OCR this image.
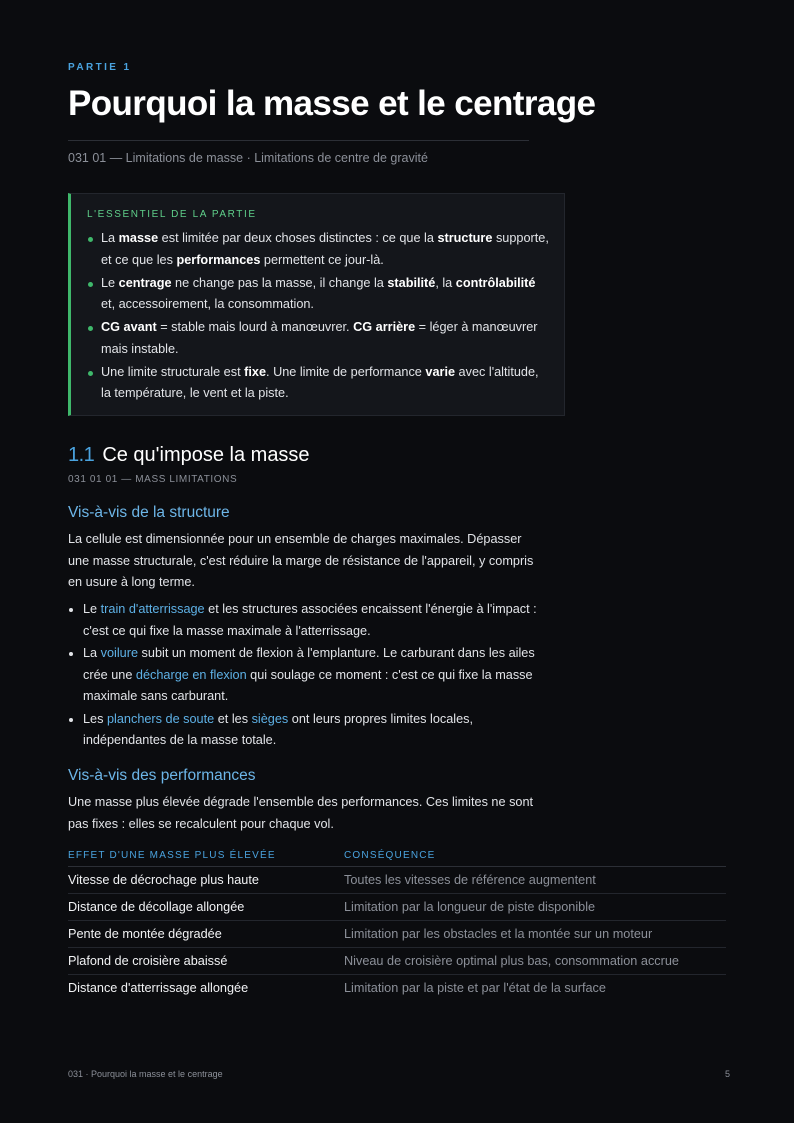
PARTIE 1
Pourquoi la masse et le centrage
031 01 — Limitations de masse · Limitations de centre de gravité
L'ESSENTIEL DE LA PARTIE
La masse est limitée par deux choses distinctes : ce que la structure supporte, et ce que les performances permettent ce jour-là.
Le centrage ne change pas la masse, il change la stabilité, la contrôlabilité et, accessoirement, la consommation.
CG avant = stable mais lourd à manœuvrer. CG arrière = léger à manœuvrer mais instable.
Une limite structurale est fixe. Une limite de performance varie avec l'altitude, la température, le vent et la piste.
1.1 Ce qu'impose la masse
031 01 01 — MASS LIMITATIONS
Vis-à-vis de la structure

La cellule est dimensionnée pour un ensemble de charges maximales. Dépasser une masse structurale, c'est réduire la marge de résistance de l'appareil, y compris en usure à long terme.

Le train d'atterrissage et les structures associées encaissent l'énergie à l'impact : c'est ce qui fixe la masse maximale à l'atterrissage.
La voilure subit un moment de flexion à l'emplanture. Le carburant dans les ailes crée une décharge en flexion qui soulage ce moment : c'est ce qui fixe la masse maximale sans carburant.
Les planchers de soute et les sièges ont leurs propres limites locales, indépendantes de la masse totale.
Vis-à-vis des performances

Une masse plus élevée dégrade l'ensemble des performances. Ces limites ne sont pas fixes : elles se recalculent pour chaque vol.

EFFET D'UNE MASSE PLUS ÉLEVÉE	CONSÉQUENCE
Vitesse de décrochage plus haute	Toutes les vitesses de référence augmentent
Distance de décollage allongée	Limitation par la longueur de piste disponible
Pente de montée dégradée	Limitation par les obstacles et la montée sur un moteur
Plafond de croisière abaissé	Niveau de croisière optimal plus bas, consommation accrue
Distance d'atterrissage allongée	Limitation par la piste et par l'état de la surface
031 · Pourquoi la masse et le centrage	5
